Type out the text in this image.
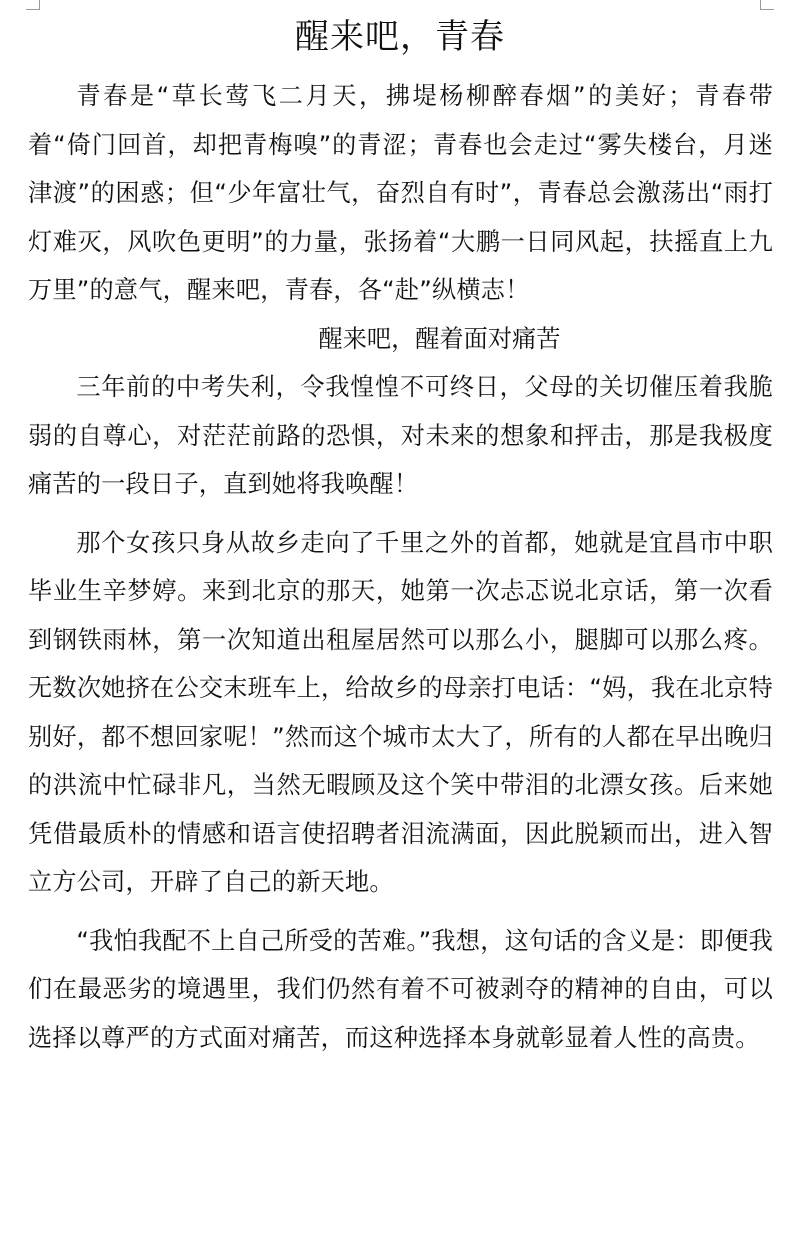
醒来吧，青春

青春是“草长莺飞二月天，拂堤杨柳醉春烟”的美好；青春带着“倚门回首，却把青梅嗅”的青涩；青春也会走过“雾失楼台，月迷津渡”的困惑；但“少年富壮气，奋烈自有时”，青春总会激荡出“雨打灯难灭，风吹色更明”的力量，张扬着“大鹏一日同风起，扶摇直上九万里”的意气，醒来吧，青春，各“赴”纵横志！

醒来吧，醒着面对痛苦

三年前的中考失利，令我惶惶不可终日，父母的关切催压着我脆弱的自尊心，对茫茫前路的恐惧，对未来的想象和抨击，那是我极度痛苦的一段日子，直到她将我唤醒！

那个女孩只身从故乡走向了千里之外的首都，她就是宜昌市中职毕业生辛梦婷。来到北京的那天，她第一次忐忑说北京话，第一次看到钢铁雨林，第一次知道出租屋居然可以那么小，腿脚可以那么疼。无数次她挤在公交末班车上，给故乡的母亲打电话：“妈，我在北京特别好，都不想回家呢！”然而这个城市太大了，所有的人都在早出晚归的洪流中忙碌非凡，当然无暇顾及这个笑中带泪的北漂女孩。后来她凭借最质朴的情感和语言使招聘者泪流满面，因此脱颖而出，进入智立方公司，开辟了自己的新天地。

“我怕我配不上自己所受的苦难。”我想，这句话的含义是：即便我们在最恶劣的境遇里，我们仍然有着不可被剥夺的精神的自由，可以选择以尊严的方式面对痛苦，而这种选择本身就彰显着人性的高贵。
